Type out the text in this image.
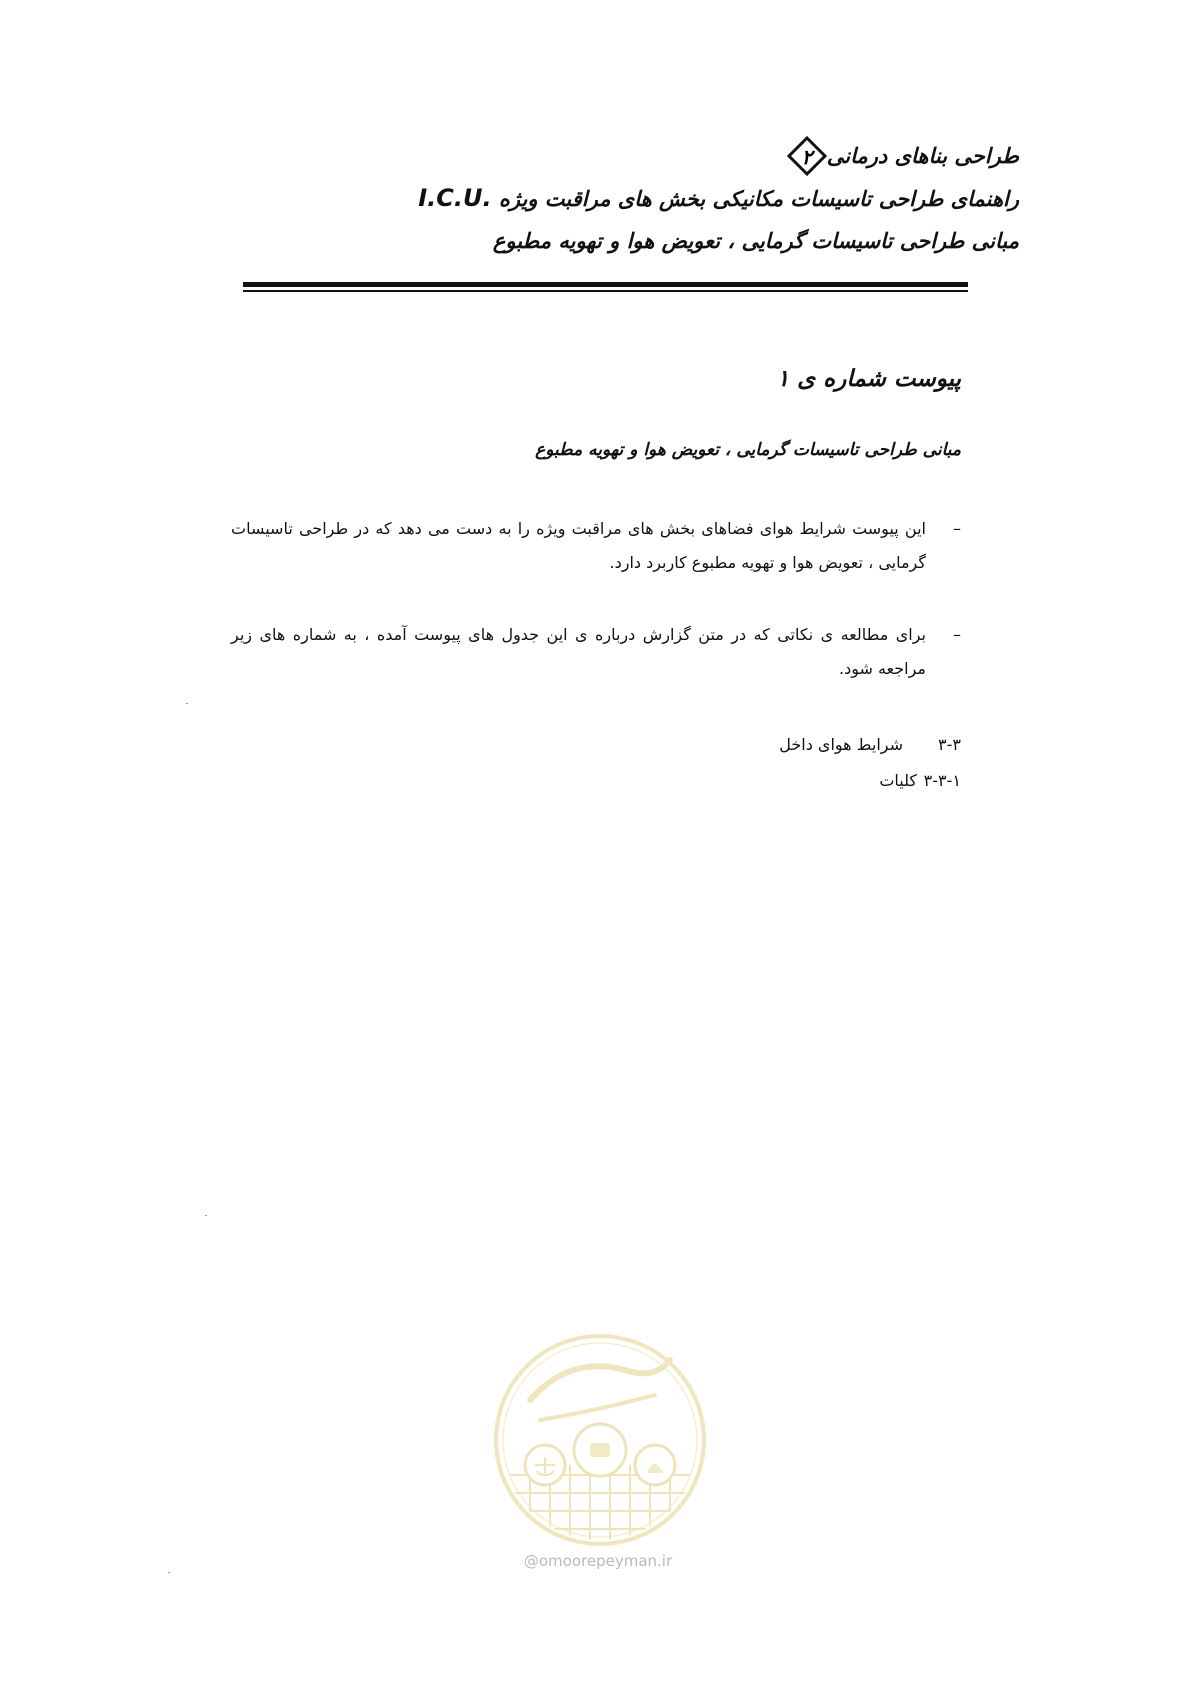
طراحی بناهای درمانی
۲
راهنمای طراحی تاسیسات مکانیکی بخش های مراقبت ویژه I.C.U.
مبانی طراحی تاسیسات گرمایی ، تعویض هوا و تهویه مطبوع
پیوست شماره ی ۱
مبانی طراحی تاسیسات گرمایی ، تعویض هوا و تهویه مطبوع
–
این پیوست شرایط هوای فضاهای بخش های مراقبت ویژه را به دست می دهد که در طراحی تاسیسات گرمایی ، تعویض هوا و تهویه مطبوع کاربرد دارد.
–
برای مطالعه ی نکاتی که در متن گزارش درباره ی این جدول های پیوست آمده ، به شماره های زیر مراجعه شود.
۳-۳
شرایط هوای داخل
۳-۳-۱
کلیات
@omoorepeyman.ir
